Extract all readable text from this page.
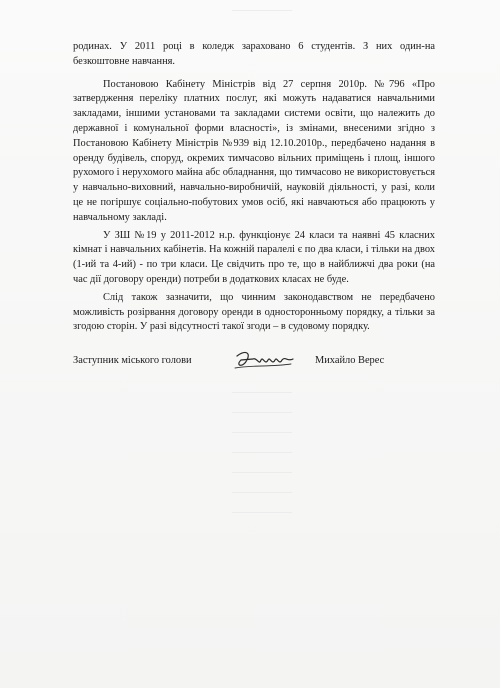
родинах. У 2011 році в коледж зараховано 6 студентів. З них один-на безкоштовне навчання.

Постановою Кабінету Міністрів від 27 серпня 2010р. №796 «Про затвердження переліку платних послуг, які можуть надаватися навчальними закладами, іншими установами та закладами системи освіти, що належить до державної і комунальної форми власності», із змінами, внесеними згідно з Постановою Кабінету Міністрів №939 від 12.10.2010р., передбачено надання в оренду будівель, споруд, окремих тимчасово вільних приміщень і площ, іншого рухомого і нерухомого майна абс обладнання, що тимчасово не використовується у навчально-виховний, навчально-виробничій, науковій діяльності, у разі, коли це не погіршує соціально-побутових умов осіб, які навчаються або працюють у навчальному закладі.

У ЗШ №19 у 2011-2012 н.р. функціонує 24 класи та наявні 45 класних кімнат і навчальних кабінетів. На кожній паралелі є по два класи, і тільки на двох (1-ий та 4-ий) - по три класи. Це свідчить про те, що в найближчі два роки (на час дії договору оренди) потреби в додаткових класах не буде.

Слід також зазначити, що чинним законодавством не передбачено можливість розірвання договору оренди в односторонньому порядку, а тільки за згодою сторін. У разі відсутності такої згоди – в судовому порядку.

Заступник міського голови	Михайло Верес
